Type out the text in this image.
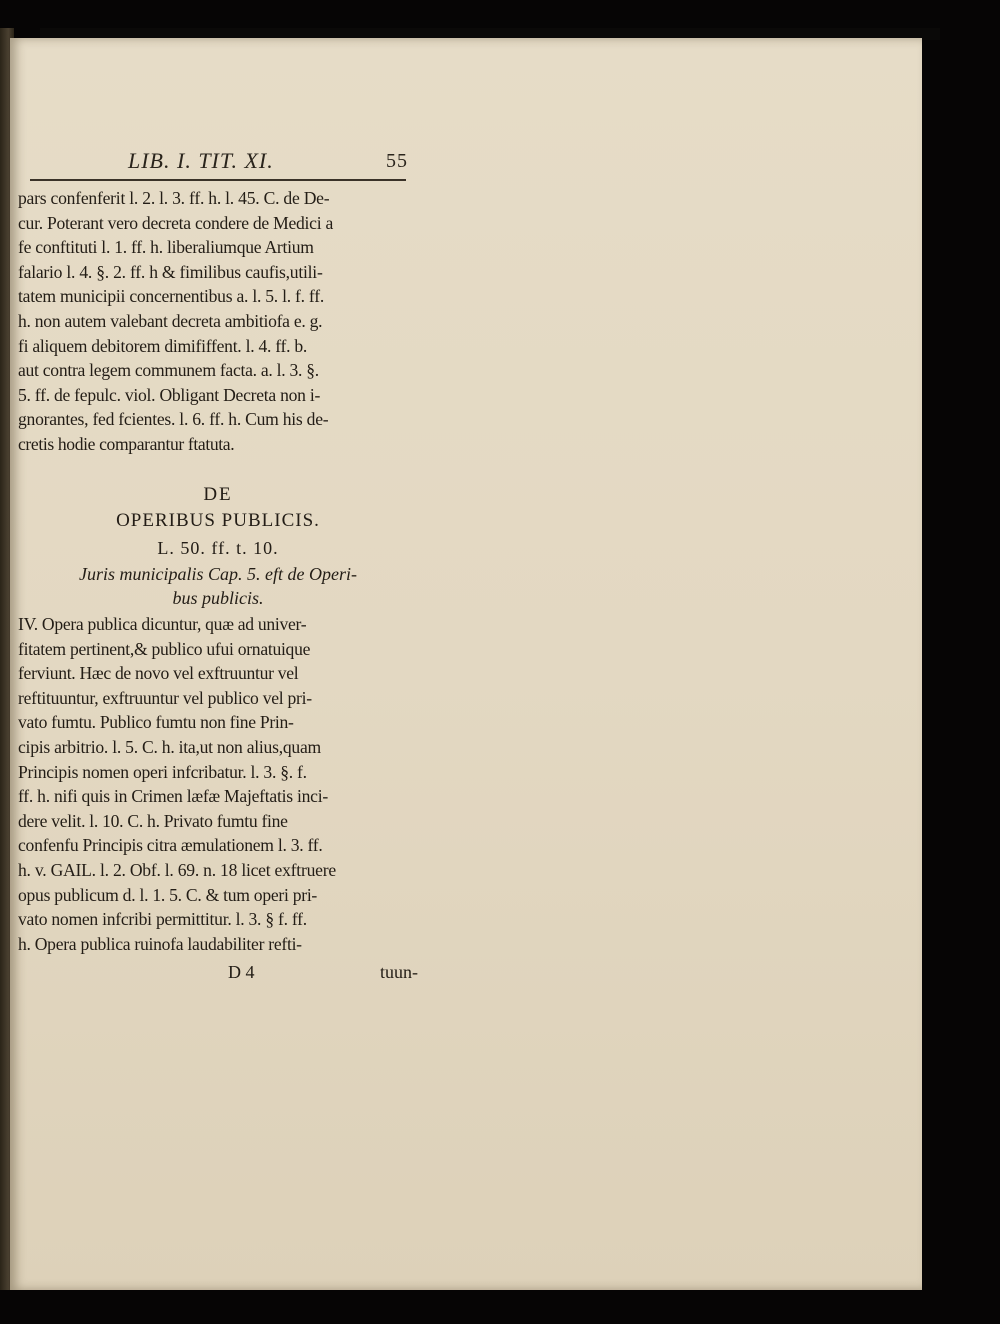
LIB. I. TIT. XI.	55
pars confenferit l. 2. l. 3. ff. h. l. 45. C. de De-
cur. Poterant vero decreta condere de Medici a
fe conftituti l. 1. ff. h. liberaliumque Artium
falario l. 4. §. 2. ff. h & fimilibus caufis,utili-
tatem municipii concernentibus a. l. 5. l. f. ff.
h. non autem valebant decreta ambitiofa e. g.
fi aliquem debitorem dimififfent. l. 4. ff. b.
aut contra legem communem facta. a. l. 3. §.
5. ff. de fepulc. viol. Obligant Decreta non i-
gnorantes, fed fcientes. l. 6. ff. h. Cum his de-
cretis hodie comparantur ftatuta.
DE
OPERIBUS PUBLICIS.
L. 50. ff. t. 10.
Juris municipalis Cap. 5. eft de Operi-
bus publicis.
IV. Opera publica dicuntur, quæ ad univer-
fitatem pertinent,& publico ufui ornatuique
ferviunt. Hæc de novo vel exftruuntur vel
reftituuntur, exftruuntur vel publico vel pri-
vato fumtu. Publico fumtu non fine Prin-
cipis arbitrio. l. 5. C. h. ita,ut non alius,quam
Principis nomen operi infcribatur. l. 3. §. f.
ff. h. nifi quis in Crimen læfæ Majeftatis inci-
dere velit. l. 10. C. h. Privato fumtu fine
confenfu Principis citra æmulationem l. 3. ff.
h. v. GAIL. l. 2. Obf. l. 69. n. 18 licet exftruere
opus publicum d. l. 1. 5. C. & tum operi pri-
vato nomen infcribi permittitur. l. 3. § f. ff.
h. Opera publica ruinofa laudabiliter refti-
D 4	tuun-
